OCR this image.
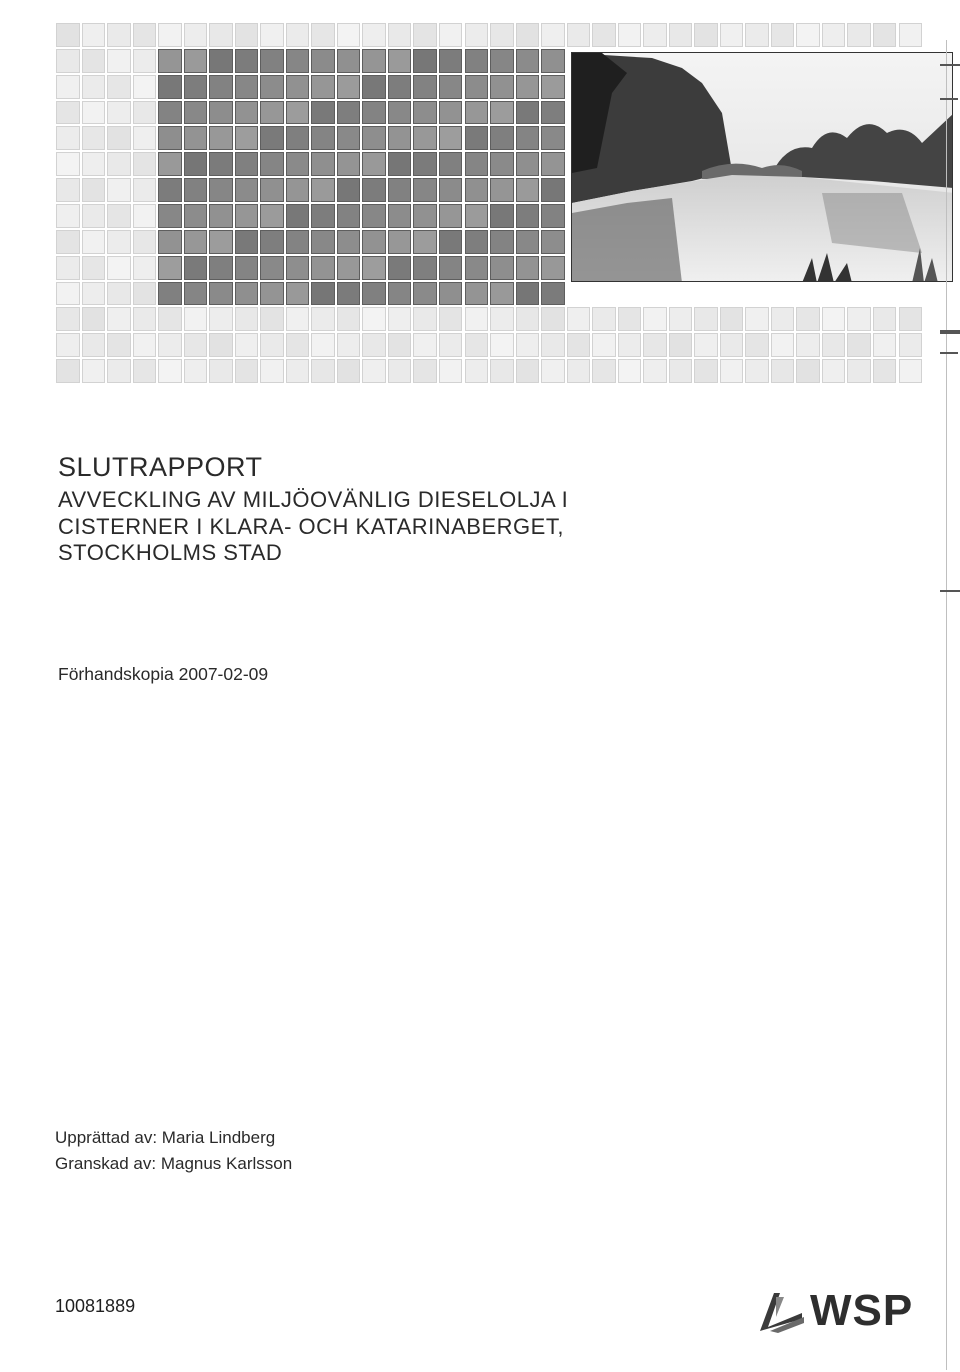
SLUTRAPPORT
AVVECKLING AV MILJÖOVÄNLIG DIESELOLJA I
CISTERNER I KLARA- OCH KATARINABERGET,
STOCKHOLMS STAD
Förhandskopia 2007-02-09
Upprättad av: Maria Lindberg
Granskad av: Magnus Karlsson
10081889	WSP
